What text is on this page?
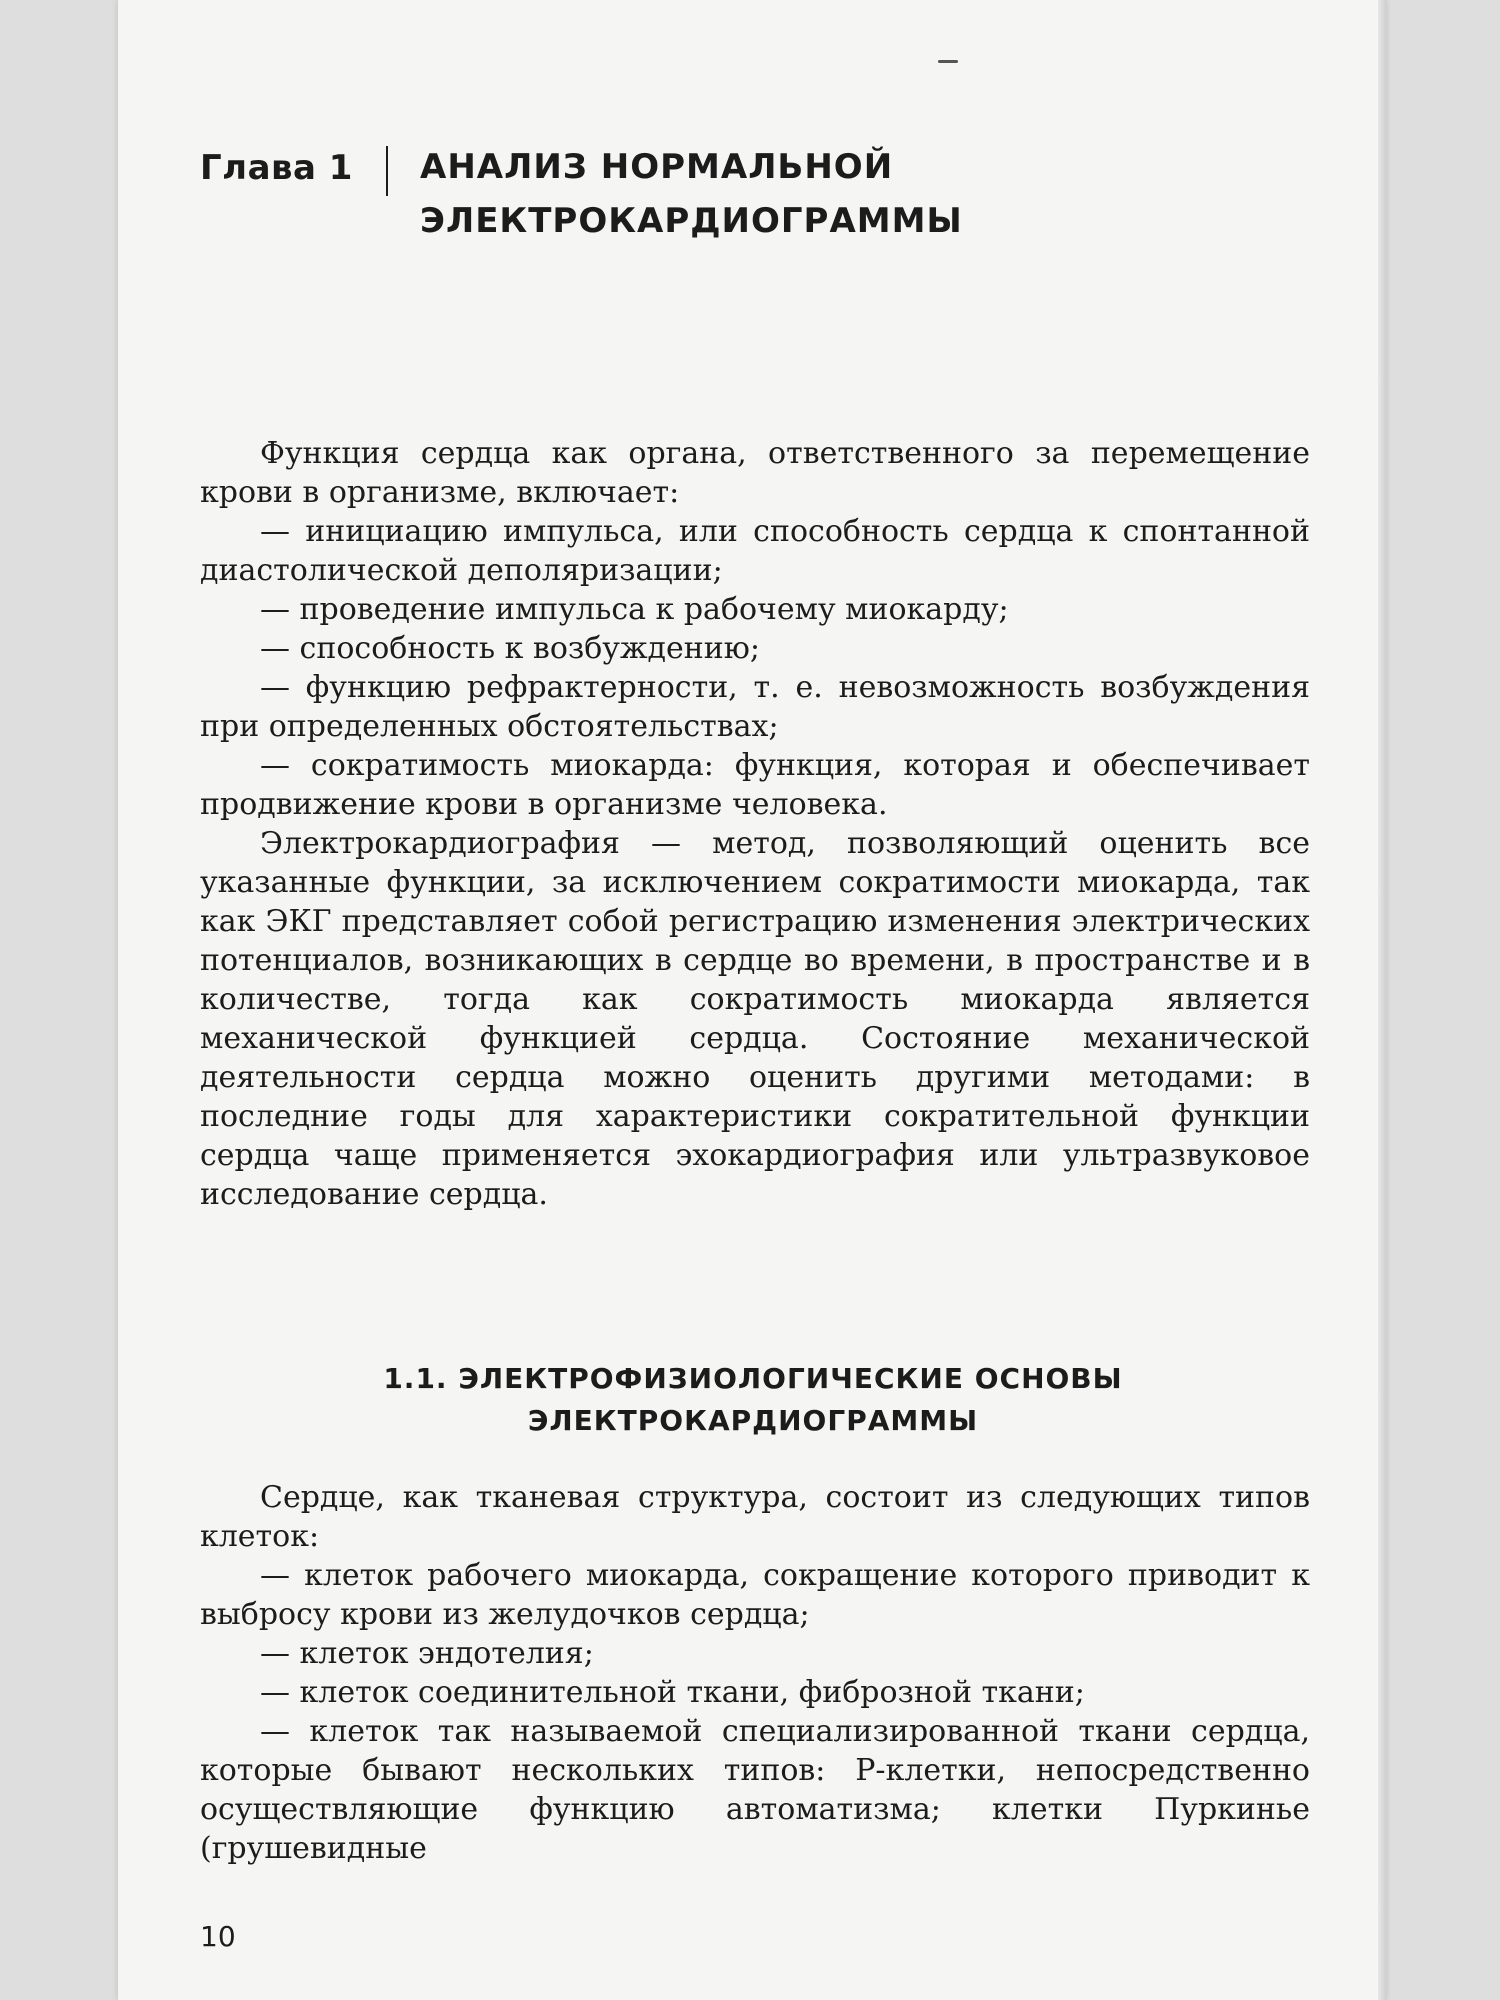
Глава 1 АНАЛИЗ НОРМАЛЬНОЙ
ЭЛЕКТРОКАРДИОГРАММЫ

Функция сердца как органа, ответственного за перемещение крови в организме, включает:

— инициацию импульса, или способность сердца к спонтанной диастолической деполяризации;

— проведение импульса к рабочему миокарду;

— способность к возбуждению;

— функцию рефрактерности, т. е. невозможность возбуждения при определенных обстоятельствах;

— сократимость миокарда: функция, которая и обеспечивает продвижение крови в организме человека.

Электрокардиография — метод, позволяющий оценить все указанные функции, за исключением сократимости миокарда, так как ЭКГ представляет собой регистрацию изменения электрических потенциалов, возникающих в сердце во времени, в пространстве и в количестве, тогда как сократимость миокарда является механической функцией сердца. Состояние механической деятельности сердца можно оценить другими методами: в последние годы для характеристики сократительной функции сердца чаще применяется эхокардиография или ультразвуковое исследование сердца.

1.1. ЭЛЕКТРОФИЗИОЛОГИЧЕСКИЕ ОСНОВЫ
ЭЛЕКТРОКАРДИОГРАММЫ

Сердце, как тканевая структура, состоит из следующих типов клеток:

— клеток рабочего миокарда, сокращение которого приводит к выбросу крови из желудочков сердца;

— клеток эндотелия;

— клеток соединительной ткани, фиброзной ткани;

— клеток так называемой специализированной ткани сердца, которые бывают нескольких типов: Р-клетки, непосредственно осуществляющие функцию автоматизма; клетки Пуркинье (грушевидные

10
